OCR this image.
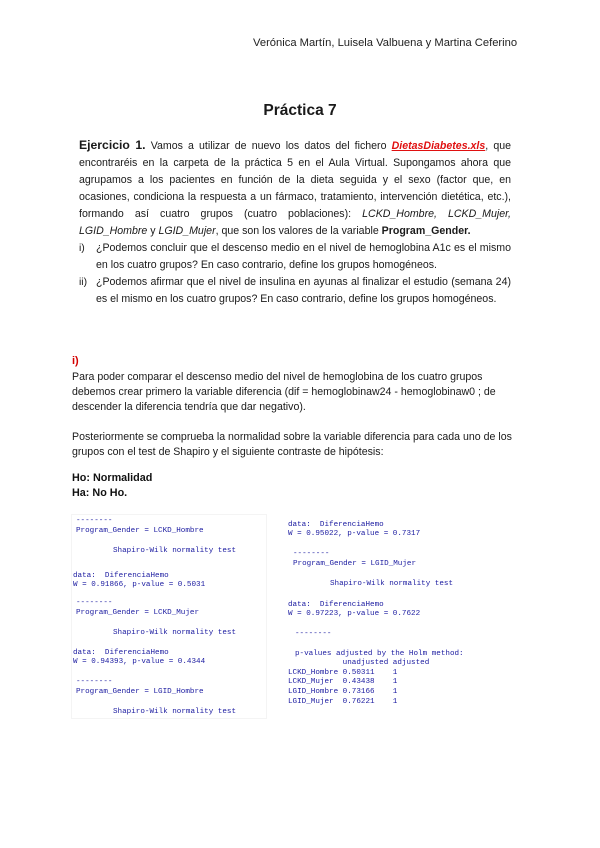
Verónica Martín, Luisela Valbuena y Martina Ceferino
Práctica 7
Ejercicio 1. Vamos a utilizar de nuevo los datos del fichero DietasDiabetes.xls, que encontraréis en la carpeta de la práctica 5 en el Aula Virtual. Supongamos ahora que agrupamos a los pacientes en función de la dieta seguida y el sexo (factor que, en ocasiones, condiciona la respuesta a un fármaco, tratamiento, intervención dietética, etc.), formando así cuatro grupos (cuatro poblaciones): LCKD_Hombre, LCKD_Mujer, LGID_Hombre y LGID_Mujer, que son los valores de la variable Program_Gender.
i) ¿Podemos concluir que el descenso medio en el nivel de hemoglobina A1c es el mismo en los cuatro grupos? En caso contrario, define los grupos homogéneos.
ii) ¿Podemos afirmar que el nivel de insulina en ayunas al finalizar el estudio (semana 24) es el mismo en los cuatro grupos? En caso contrario, define los grupos homogéneos.
i)
Para poder comparar el descenso medio del nivel de hemoglobina de los cuatro grupos debemos crear primero la variable diferencia (dif = hemoglobinaw24 - hemoglobinaw0 ; de descender la diferencia tendría que dar negativo).
Posteriormente se comprueba la normalidad sobre la variable diferencia para cada uno de los grupos con el test de Shapiro y el siguiente contraste de hipótesis:
Ho: Normalidad
Ha: No Ho.
--------
Program_Gender = LCKD_Hombre
Shapiro-Wilk normality test
data:  DiferenciaHemo
W = 0.91866, p-value = 0.5031
--------
Program_Gender = LCKD_Mujer
Shapiro-Wilk normality test
data:  DiferenciaHemo
W = 0.94393, p-value = 0.4344
--------
Program_Gender = LGID_Hombre
Shapiro-Wilk normality test
data:  DiferenciaHemo
W = 0.95022, p-value = 0.7317
--------
Program_Gender = LGID_Mujer
Shapiro-Wilk normality test
data:  DiferenciaHemo
W = 0.97223, p-value = 0.7622
--------
p-values adjusted by the Holm method:
unadjusted adjusted
LCKD_Hombre 0.50311    1
LCKD_Mujer  0.43438    1
LGID_Hombre 0.73166    1
LGID_Mujer  0.76221    1
